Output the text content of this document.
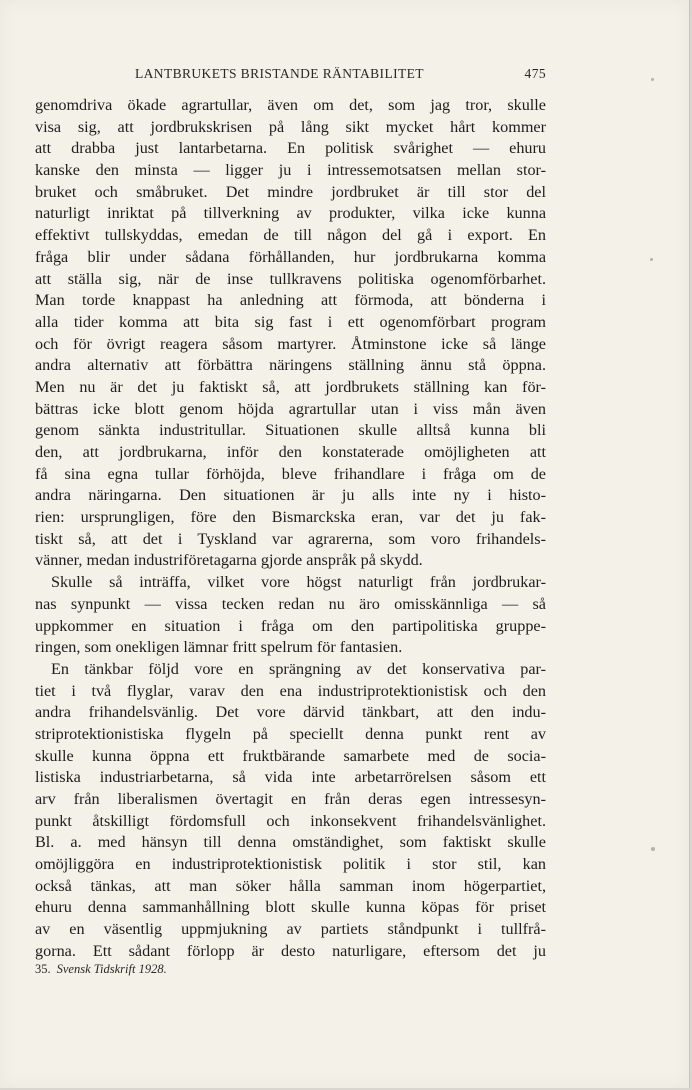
LANTBRUKETS BRISTANDE RÄNTABILITET	475
genomdriva ökade agrartullar, även om det, som jag tror, skulle
visa sig, att jordbrukskrisen på lång sikt mycket hårt kommer
att drabba just lantarbetarna. En politisk svårighet — ehuru
kanske den minsta — ligger ju i intressemotsatsen mellan stor-
bruket och småbruket. Det mindre jordbruket är till stor del
naturligt inriktat på tillverkning av produkter, vilka icke kunna
effektivt tullskyddas, emedan de till någon del gå i export. En
fråga blir under sådana förhållanden, hur jordbrukarna komma
att ställa sig, när de inse tullkravens politiska ogenomförbarhet.
Man torde knappast ha anledning att förmoda, att bönderna i
alla tider komma att bita sig fast i ett ogenomförbart program
och för övrigt reagera såsom martyrer. Åtminstone icke så länge
andra alternativ att förbättra näringens ställning ännu stå öppna.
Men nu är det ju faktiskt så, att jordbrukets ställning kan för-
bättras icke blott genom höjda agrartullar utan i viss mån även
genom sänkta industritullar. Situationen skulle alltså kunna bli
den, att jordbrukarna, inför den konstaterade omöjligheten att
få sina egna tullar förhöjda, bleve frihandlare i fråga om de
andra näringarna. Den situationen är ju alls inte ny i histo-
rien: ursprungligen, före den Bismarckska eran, var det ju fak-
tiskt så, att det i Tyskland var agrarerna, som voro frihandels-
vänner, medan industriföretagarna gjorde anspråk på skydd.
Skulle så inträffa, vilket vore högst naturligt från jordbrukar-
nas synpunkt — vissa tecken redan nu äro omisskännliga — så
uppkommer en situation i fråga om den partipolitiska gruppe-
ringen, som onekligen lämnar fritt spelrum för fantasien.
En tänkbar följd vore en sprängning av det konservativa par-
tiet i två flyglar, varav den ena industriprotektionistisk och den
andra frihandelsvänlig. Det vore därvid tänkbart, att den indu-
striprotektionistiska flygeln på speciellt denna punkt rent av
skulle kunna öppna ett fruktbärande samarbete med de socia-
listiska industriarbetarna, så vida inte arbetarrörelsen såsom ett
arv från liberalismen övertagit en från deras egen intressesyn-
punkt åtskilligt fördomsfull och inkonsekvent frihandelsvänlighet.
Bl. a. med hänsyn till denna omständighet, som faktiskt skulle
omöjliggöra en industriprotektionistisk politik i stor stil, kan
också tänkas, att man söker hålla samman inom högerpartiet,
ehuru denna sammanhållning blott skulle kunna köpas för priset
av en väsentlig uppmjukning av partiets ståndpunkt i tullfrå-
gorna. Ett sådant förlopp är desto naturligare, eftersom det ju
35. Svensk Tidskrift 1928.
